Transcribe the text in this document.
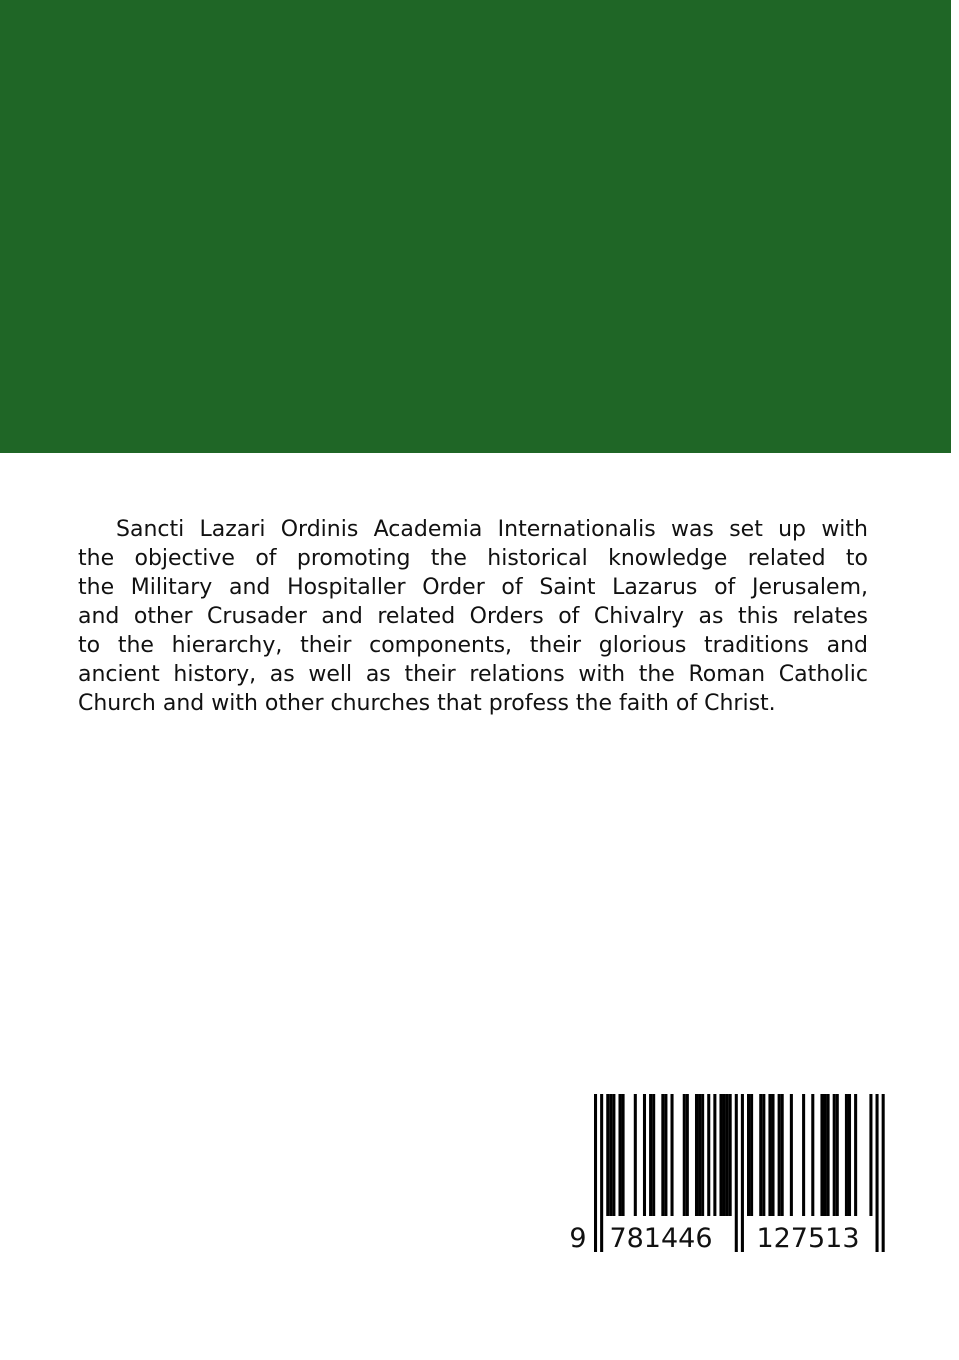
Sancti Lazari Ordinis Academia Internationalis was set up with
the objective of promoting the historical knowledge related to
the Military and Hospitaller Order of Saint Lazarus of Jerusalem,
and other Crusader and related Orders of Chivalry as this relates
to the hierarchy, their components, their glorious traditions and
ancient history, as well as their relations with the Roman Catholic
Church and with other churches that profess the faith of Christ.
9 781446 127513
